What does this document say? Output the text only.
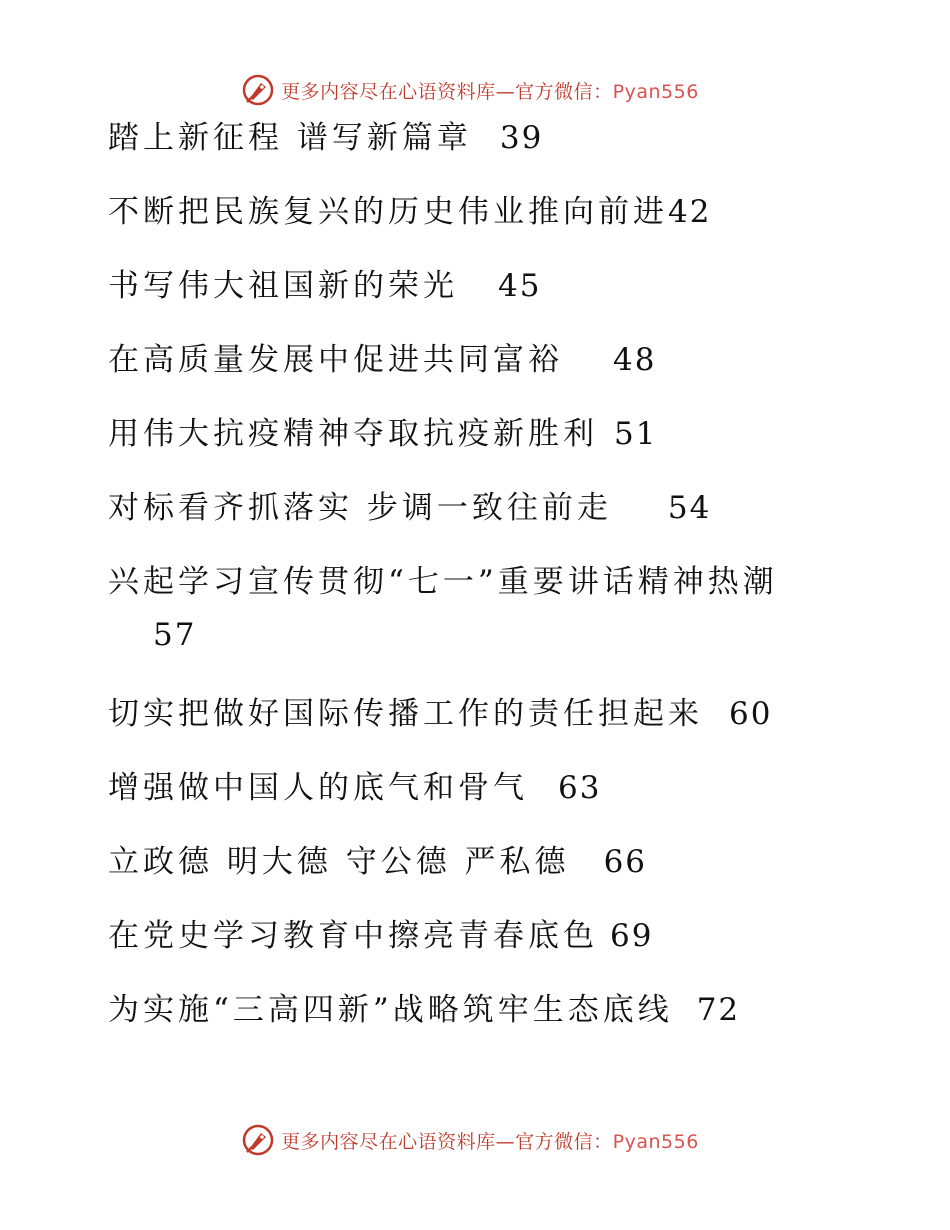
更多内容尽在心语资料库—官方微信：Pyan556
踏上新征程 谱写新篇章 39
不断把民族复兴的历史伟业推向前进 42
书写伟大祖国新的荣光 45
在高质量发展中促进共同富裕 48
用伟大抗疫精神夺取抗疫新胜利 51
对标看齐抓落实 步调一致往前走 54
兴起学习宣传贯彻“七一”重要讲话精神热潮
57
切实把做好国际传播工作的责任担起来 60
增强做中国人的底气和骨气 63
立政德 明大德 守公德 严私德 66
在党史学习教育中擦亮青春底色 69
为实施“三高四新”战略筑牢生态底线 72
更多内容尽在心语资料库—官方微信：Pyan556
